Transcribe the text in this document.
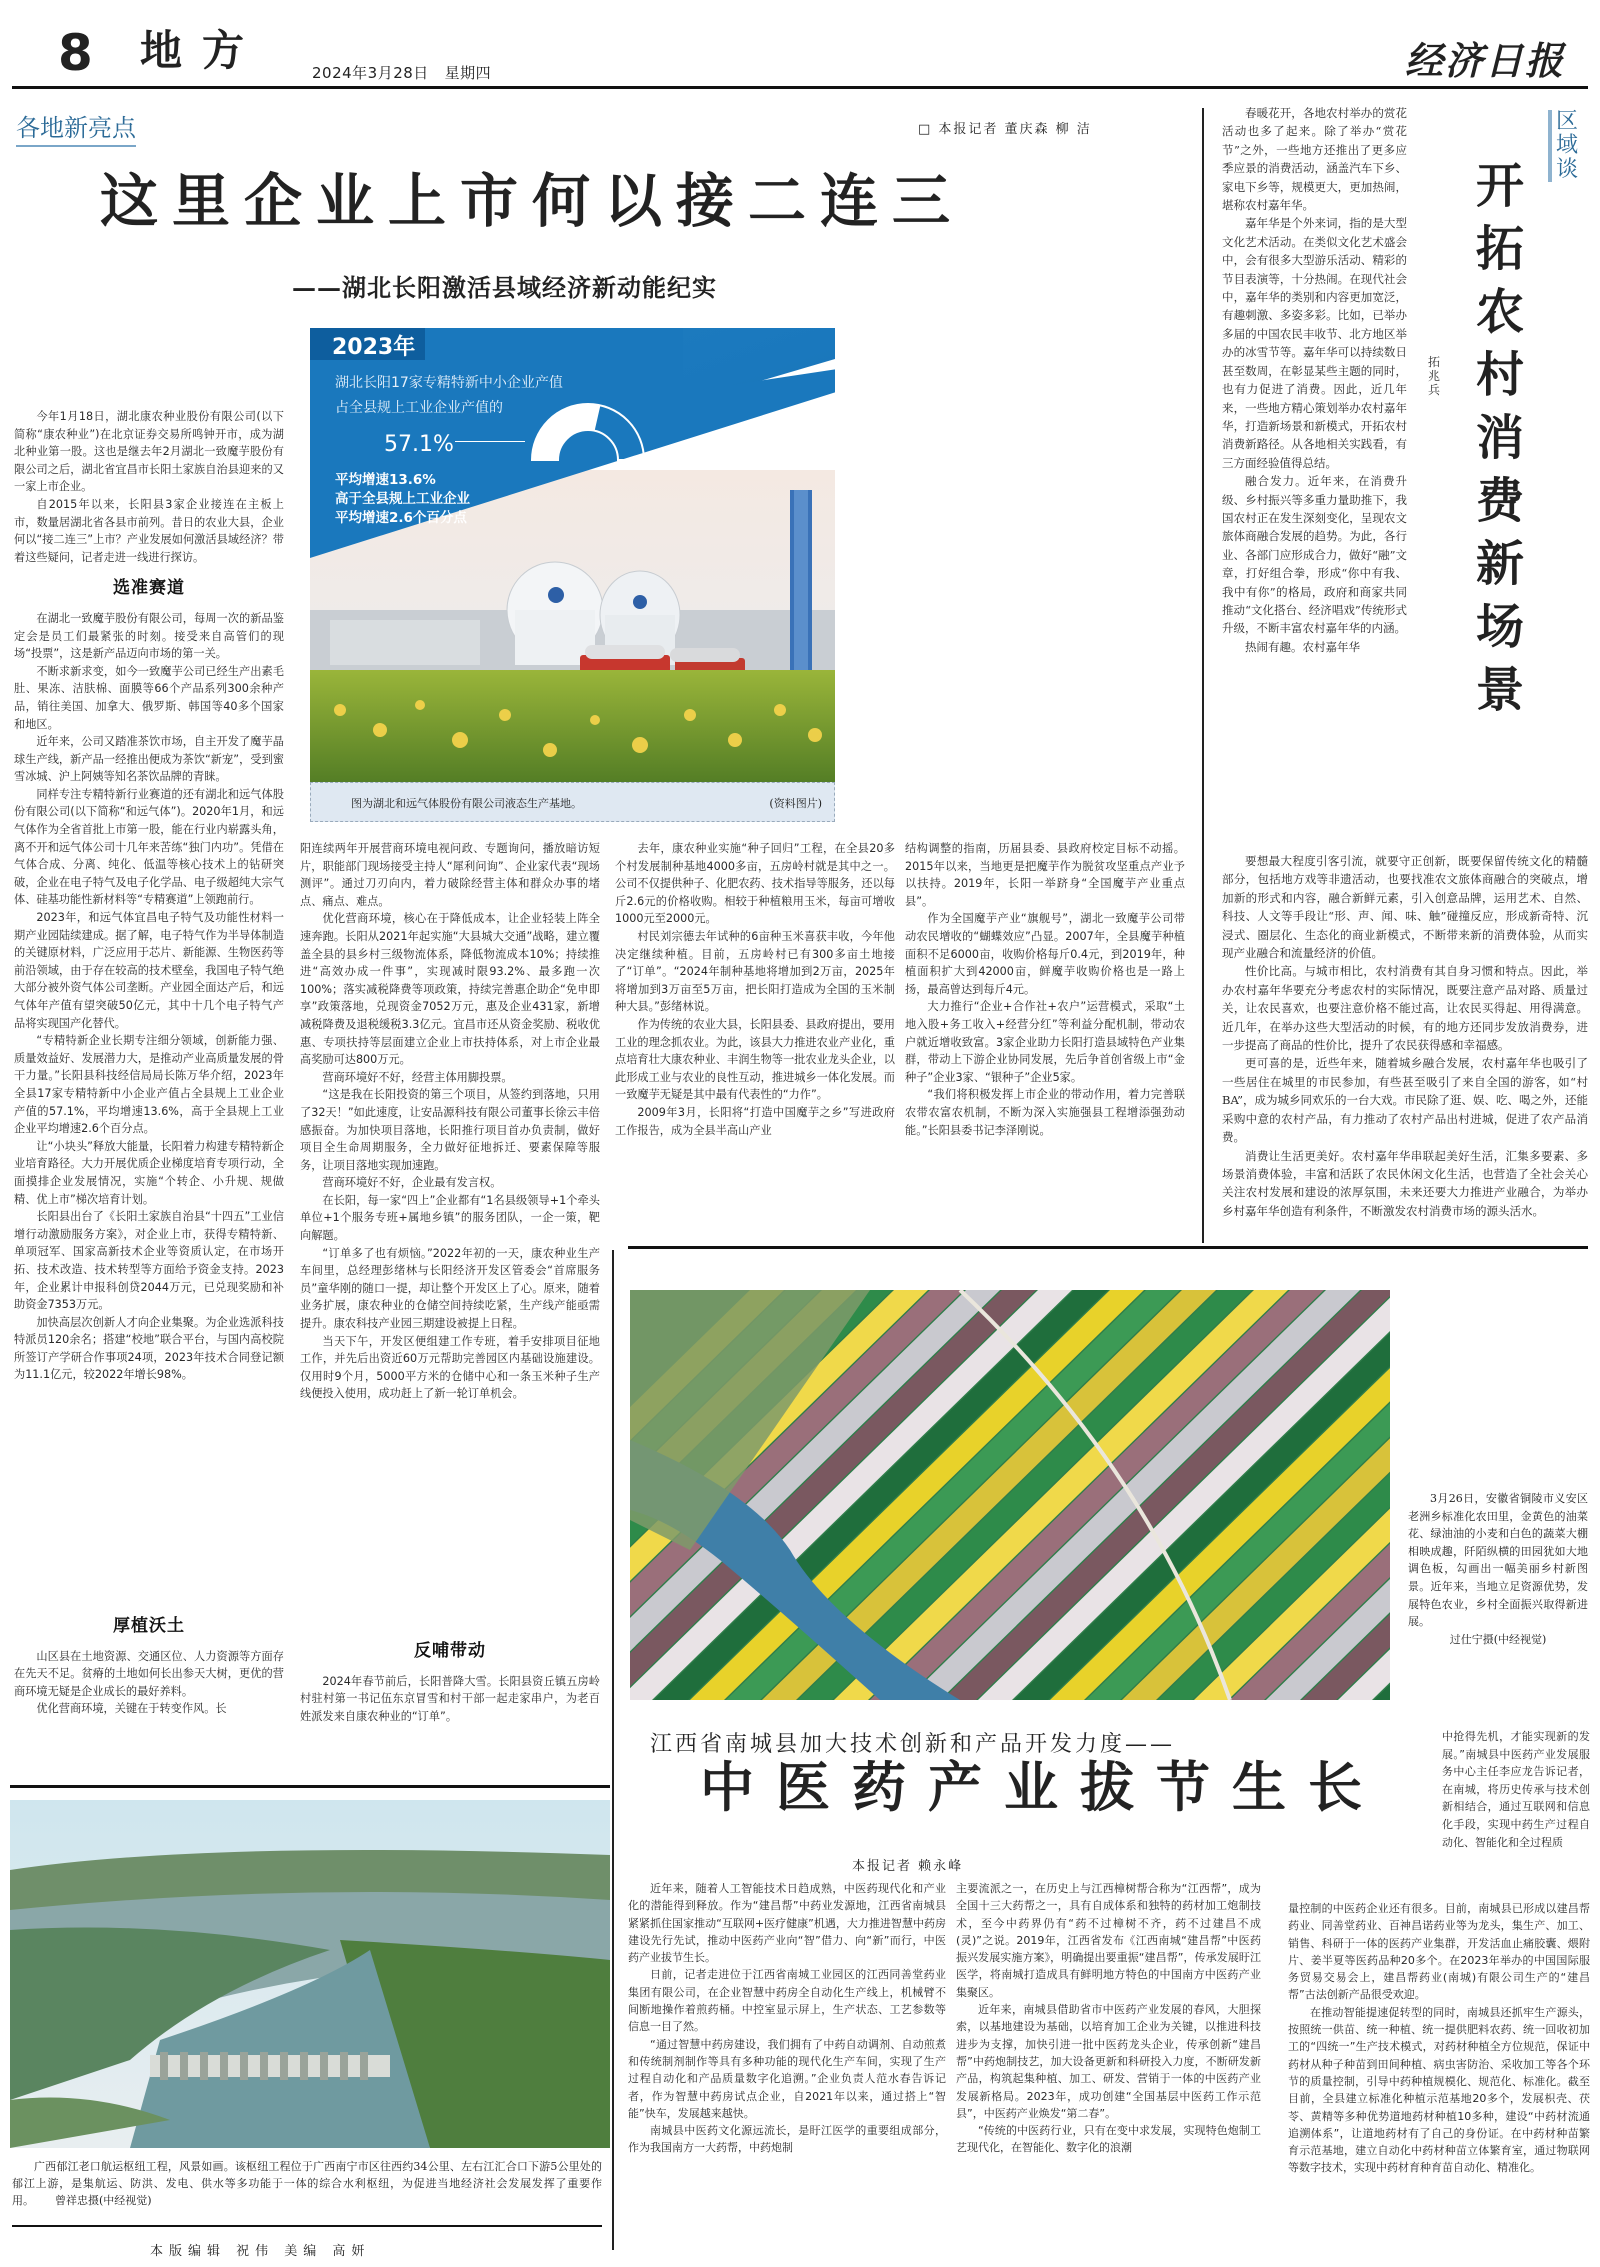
8 地方	2024年3月28日 星期四	经济日报
各地新亮点	□ 本报记者 董庆森 柳 洁
这里企业上市何以接二连三
——湖北长阳激活县域经济新动能纪实

今年1月18日，湖北康农种业股份有限公司(以下简称“康农种业”)在北京证券交易所鸣钟开市，成为湖北种业第一股。这也是继去年2月湖北一致魔芋股份有限公司之后，湖北省宜昌市长阳土家族自治县迎来的又一家上市企业。

自2015年以来，长阳县3家企业接连在主板上市，数量居湖北省各县市前列。昔日的农业大县，企业何以“接二连三”上市？产业发展如何激活县域经济？带着这些疑问，记者走进一线进行探访。

选准赛道

在湖北一致魔芋股份有限公司，每周一次的新品鉴定会是员工们最紧张的时刻。接受来自高管们的现场“投票”，这是新产品迈向市场的第一关。

不断求新求变，如今一致魔芋公司已经生产出素毛肚、果冻、洁肤棉、面膜等66个产品系列300余种产品，销往美国、加拿大、俄罗斯、韩国等40多个国家和地区。

近年来，公司又踏准茶饮市场，自主开发了魔芋晶球生产线，新产品一经推出便成为茶饮“新宠”，受到蜜雪冰城、沪上阿姨等知名茶饮品牌的青睐。

同样专注专精特新行业赛道的还有湖北和远气体股份有限公司(以下简称“和远气体”)。2020年1月，和远气体作为全省首批上市第一股，能在行业内崭露头角，离不开和远气体公司十几年来苦练“独门内功”。凭借在气体合成、分离、纯化、低温等核心技术上的钻研突破，企业在电子特气及电子化学品、电子级超纯大宗气体、硅基功能性新材料等“专精赛道”上领跑前行。

2023年，和远气体宜昌电子特气及功能性材料一期产业园陆续建成。据了解，电子特气作为半导体制造的关键原材料，广泛应用于芯片、新能源、生物医药等前沿领域，由于存在较高的技术壁垒，我国电子特气绝大部分被外资气体公司垄断。产业园全面达产后，和远气体年产值有望突破50亿元，其中十几个电子特气产品将实现国产化替代。

“专精特新企业长期专注细分领域，创新能力强、质量效益好、发展潜力大，是推动产业高质量发展的骨干力量。”长阳县科技经信局局长陈万华介绍，2023年全县17家专精特新中小企业产值占全县规上工业企业产值的57.1%，平均增速13.6%，高于全县规上工业企业平均增速2.6个百分点。

让“小块头”释放大能量，长阳着力构建专精特新企业培育路径。大力开展优质企业梯度培育专项行动，全面摸排企业发展情况，实施“个转企、小升规、规做精、优上市”梯次培育计划。

长阳县出台了《长阳土家族自治县“十四五”工业信增行动激励服务方案》，对企业上市，获得专精特新、单项冠军、国家高新技术企业等资质认定，在市场开拓、技术改造、技术转型等方面给予资金支持。2023年，企业累计申报科创贷2044万元，已兑现奖励和补助资金7353万元。

加快高层次创新人才向企业集聚。为企业选派科技特派员120余名；搭建“校地”联合平台，与国内高校院所签订产学研合作事项24项，2023年技术合同登记额为11.1亿元，较2022年增长98%。

厚植沃土

山区县在土地资源、交通区位、人力资源等方面存在先天不足。贫瘠的土地如何长出参天大树，更优的营商环境无疑是企业成长的最好养料。

优化营商环境，关键在于转变作风。长

2023年
湖北长阳17家专精特新中小企业产值
占全县规上工业企业产值的
57.1%
平均增速13.6%
高于全县规上工业企业
平均增速2.6个百分点
图为湖北和远气体股份有限公司液态生产基地。	(资料图片)

阳连续两年开展营商环境电视问政、专题询问，播放暗访短片，职能部门现场接受主持人“犀利问询”、企业家代表“现场测评”。通过刀刃向内，着力破除经营主体和群众办事的堵点、痛点、难点。

优化营商环境，核心在于降低成本，让企业轻装上阵全速奔跑。长阳从2021年起实施“大县城大交通”战略，建立覆盖全县的县乡村三级物流体系，降低物流成本10%；持续推进“高效办成一件事”，实现减时限93.2%、最多跑一次100%；落实减税降费等项政策，持续完善惠企助企“免申即享”政策落地，兑现资金7052万元，惠及企业431家，新增减税降费及退税缓税3.3亿元。宜昌市还从资金奖励、税收优惠、专项扶持等层面建立企业上市扶持体系，对上市企业最高奖励可达800万元。

营商环境好不好，经营主体用脚投票。

“这是我在长阳投资的第三个项目，从签约到落地，只用了32天！”如此速度，让安品源科技有限公司董事长徐云丰倍感振奋。为加快项目落地，长阳推行项目首办负责制，做好项目全生命周期服务，全力做好征地拆迁、要素保障等服务，让项目落地实现加速跑。

营商环境好不好，企业最有发言权。

在长阳，每一家“四上”企业都有“1名县级领导+1个牵头单位+1个服务专班+属地乡镇”的服务团队，一企一策，靶向解题。

“订单多了也有烦恼。”2022年初的一天，康农种业生产车间里，总经理彭绪林与长阳经济开发区管委会“首席服务员”童华刚的随口一提，却让整个开发区上了心。原来，随着业务扩展，康农种业的仓储空间持续吃紧，生产线产能亟需提升。康农科技产业园三期建设被提上日程。

当天下午，开发区便组建工作专班，着手安排项目征地工作，并先后出资近60万元帮助完善园区内基础设施建设。仅用时9个月，5000平方米的仓储中心和一条玉米种子生产线便投入使用，成功赶上了新一轮订单机会。

反哺带动

2024年春节前后，长阳普降大雪。长阳县资丘镇五房岭村驻村第一书记伍东京冒雪和村干部一起走家串户，为老百姓派发来自康农种业的“订单”。

去年，康农种业实施“种子回归”工程，在全县20多个村发展制种基地4000多亩，五房岭村就是其中之一。公司不仅提供种子、化肥农药、技术指导等服务，还以每斤2.6元的价格收购。相较于种植粮用玉米，每亩可增收1000元至2000元。

村民刘宗德去年试种的6亩种玉米喜获丰收，今年他决定继续种植。目前，五房岭村已有300多亩土地接了“订单”。“2024年制种基地将增加到2万亩，2025年将增加到3万亩至5万亩，把长阳打造成为全国的玉米制种大县。”彭绪林说。

作为传统的农业大县，长阳县委、县政府提出，要用工业的理念抓农业。为此，该县大力推进农业产业化，重点培育壮大康农种业、丰润生物等一批农业龙头企业，以此形成工业与农业的良性互动，推进城乡一体化发展。而一致魔芋无疑是其中最有代表性的“力作”。

2009年3月，长阳将“打造中国魔芋之乡”写进政府工作报告，成为全县半高山产业

结构调整的指南，历届县委、县政府校定目标不动摇。2015年以来，当地更是把魔芋作为脱贫攻坚重点产业予以扶持。2019年，长阳一举跻身“全国魔芋产业重点县”。

作为全国魔芋产业“旗舰号”，湖北一致魔芋公司带动农民增收的“蝴蝶效应”凸显。2007年，全县魔芋种植面积不足6000亩，收购价格每斤0.4元，到2019年，种植面积扩大到42000亩，鲜魔芋收购价格也是一路上扬，最高曾达到每斤4元。

大力推行“企业+合作社+农户”运营模式，采取“土地入股+务工收入+经营分红”等利益分配机制，带动农户就近增收致富。3家企业助力长阳打造县域特色产业集群，带动上下游企业协同发展，先后争首创省级上市“金种子”企业3家、“银种子”企业5家。

“我们将积极发挥上市企业的带动作用，着力完善联农带农富农机制，不断为深入实施强县工程增添强劲动能。”长阳县委书记李泽刚说。

春暖花开，各地农村举办的赏花活动也多了起来。除了举办“赏花节”之外，一些地方还推出了更多应季应景的消费活动，涵盖汽车下乡、家电下乡等，规模更大，更加热闹，堪称农村嘉年华。

嘉年华是个外来词，指的是大型文化艺术活动。在类似文化艺术盛会中，会有很多大型游乐活动、精彩的节目表演等，十分热闹。在现代社会中，嘉年华的类别和内容更加宽泛，有趣刺激、多姿多彩。比如，已举办多届的中国农民丰收节、北方地区举办的冰雪节等。嘉年华可以持续数日甚至数周，在彰显某些主题的同时，也有力促进了消费。因此，近几年来，一些地方精心策划举办农村嘉年华，打造新场景和新模式，开拓农村消费新路径。从各地相关实践看，有三方面经验值得总结。

融合发力。近年来，在消费升级、乡村振兴等多重力量助推下，我国农村正在发生深刻变化，呈现农文旅体商融合发展的趋势。为此，各行业、各部门应形成合力，做好“融”文章，打好组合拳，形成“你中有我、我中有你”的格局，政府和商家共同推动“文化搭台、经济唱戏”传统形式升级，不断丰富农村嘉年华的内涵。

热闹有趣。农村嘉年华

区域谈
开
拓
农
村
消
费
新
场
景
拓兆兵

要想最大程度引客引流，就要守正创新，既要保留传统文化的精髓部分，包括地方戏等非遗活动，也要找准农文旅体商融合的突破点，增加新的形式和内容，融合新鲜元素，引入创意品牌，运用艺术、自然、科技、人文等手段让“形、声、闻、味、触”碰撞反应，形成新奇特、沉浸式、圈层化、生态化的商业新模式，不断带来新的消费体验，从而实现产业融合和流量经济的价值。

性价比高。与城市相比，农村消费有其自身习惯和特点。因此，举办农村嘉年华要充分考虑农村的实际情况，既要注意产品对路、质量过关，让农民喜欢，也要注意价格不能过高，让农民买得起、用得满意。近几年，在举办这些大型活动的时候，有的地方还同步发放消费券，进一步提高了商品的性价比，提升了农民获得感和幸福感。

更可喜的是，近些年来，随着城乡融合发展，农村嘉年华也吸引了一些居住在城里的市民参加，有些甚至吸引了来自全国的游客，如“村BA”，成为城乡同欢乐的一台大戏。市民除了逛、娱、吃、喝之外，还能采购中意的农村产品，有力推动了农村产品出村进城，促进了农产品消费。

消费让生活更美好。农村嘉年华串联起美好生活，汇集多要素、多场景消费体验，丰富和活跃了农民休闲文化生活，也营造了全社会关心关注农村发展和建设的浓厚氛围，未来还要大力推进产业融合，为举办乡村嘉年华创造有利条件，不断激发农村消费市场的源头活水。

3月26日，安徽省铜陵市义安区老洲乡标准化农田里，金黄色的油菜花、绿油油的小麦和白色的蔬菜大棚相映成趣，阡陌纵横的田园犹如大地调色板，勾画出一幅美丽乡村新图景。近年来，当地立足资源优势，发展特色农业，乡村全面振兴取得新进展。

过仕宁摄(中经视觉)

广西郁江老口航运枢纽工程，风景如画。该枢纽工程位于广西南宁市区往西约34公里、左右江汇合口下游5公里处的郁江上游，是集航运、防洪、发电、供水等多功能于一体的综合水利枢纽，为促进当地经济社会发展发挥了重要作用。 曾祥忠摄(中经视觉)
本版编辑 祝伟 美编 高妍
江西省南城县加大技术创新和产品开发力度——
中医药产业拔节生长
本报记者 赖永峰

近年来，随着人工智能技术日趋成熟，中医药现代化和产业化的潜能得到释放。作为“建昌帮”中药业发源地，江西省南城县紧紧抓住国家推动“互联网+医疗健康”机遇，大力推进智慧中药房建设先行先试，推动中医药产业向“智”借力、向“新”而行，中医药产业拔节生长。

日前，记者走进位于江西省南城工业园区的江西同善堂药业集团有限公司，在企业智慧中药房全自动化生产线上，机械臂不间断地操作着煎药桶。中控室显示屏上，生产状态、工艺参数等信息一目了然。

“通过智慧中药房建设，我们拥有了中药自动调剂、自动煎煮和传统制剂制作等具有多种功能的现代化生产车间，实现了生产过程自动化和产品质量数字化追溯。”企业负责人范水春告诉记者，作为智慧中药房试点企业，自2021年以来，通过搭上“智能”快车，发展越来越快。

南城县中医药文化源远流长，是盱江医学的重要组成部分，作为我国南方一大药帮，中药炮制

主要流派之一，在历史上与江西樟树帮合称为“江西帮”，成为全国十三大药帮之一，具有自成体系和独特的药材加工炮制技术，至今中药界仍有“药不过樟树不齐，药不过建昌不成(灵)”之说。2019年，江西省发布《江西南城“建昌帮”中医药振兴发展实施方案》，明确提出要重振“建昌帮”，传承发展盱江医学，将南城打造成具有鲜明地方特色的中国南方中医药产业集聚区。

近年来，南城县借助省市中医药产业发展的春风，大胆探索，以基地建设为基础，以培育加工企业为关键，以推进科技进步为支撑，加快引进一批中医药龙头企业，传承创新“建昌帮”中药炮制技艺，加大设备更新和科研投入力度，不断研发新产品，构筑起集种植、加工、研发、营销于一体的中医药产业发展新格局。2023年，成功创建“全国基层中医药工作示范县”，中医药产业焕发“第二春”。

“传统的中医药行业，只有在变中求发展，实现特色炮制工艺现代化，在智能化、数字化的浪潮

中抢得先机，才能实现新的发展。”南城县中医药产业发展服务中心主任李应龙告诉记者，在南城，将历史传承与技术创新相结合，通过互联网和信息化手段，实现中药生产过程自动化、智能化和全过程质

量控制的中医药企业还有很多。目前，南城县已形成以建昌帮药业、同善堂药业、百神昌诺药业等为龙头，集生产、加工、销售、科研于一体的医药产业集群，开发活血止痛胶囊、煨附片、姜半夏等医药品种20多个。在2023年举办的中国国际服务贸易交易会上，建昌帮药业(南城)有限公司生产的“建昌帮”古法创新产品很受欢迎。

在推动智能提速促转型的同时，南城县还抓牢生产源头，按照统一供苗、统一种植、统一提供肥料农药、统一回收初加工的“四统一”生产技术模式，对药材种植全方位规范，保证中药材从种子种苗到田间种植、病虫害防治、采收加工等各个环节的质量控制，引导中药种植规模化、规范化、标准化。截至目前，全县建立标准化种植示范基地20多个，发展枳壳、茯苓、黄精等多种优势道地药材种植10多种，建设“中药材流通追溯体系”，让道地药材有了自己的身份证。在中药材种苗繁育示范基地，建立自动化中药材种苗立体繁育室，通过物联网等数字技术，实现中药材育种育苗自动化、精准化。
